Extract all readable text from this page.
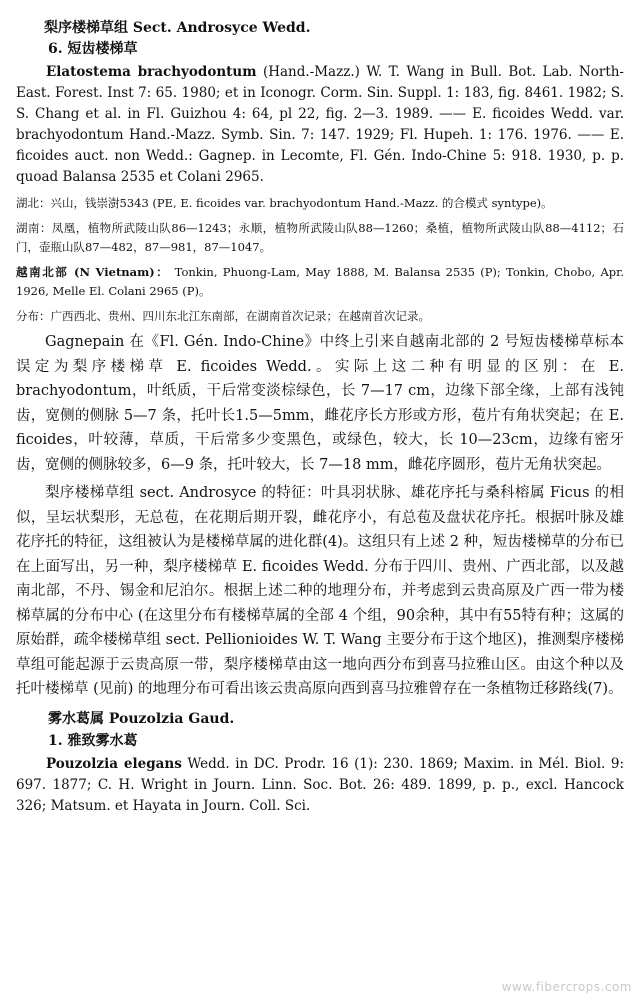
梨序楼梯草组 Sect. Androsyce Wedd.

6. 短齿楼梯草

Elatostema brachyodontum (Hand.-Mazz.) W. T. Wang in Bull. Bot. Lab. North-East. Forest. Inst 7: 65. 1980; et in Iconogr. Corm. Sin. Suppl. 1: 183, fig. 8461. 1982; S. S. Chang et al. in Fl. Guizhou 4: 64, pl 22, fig. 2—3. 1989. —— E. ficoides Wedd. var. brachyodontum Hand.-Mazz. Symb. Sin. 7: 147. 1929; Fl. Hupeh. 1: 176. 1976. —— E. ficoides auct. non Wedd.: Gagnep. in Lecomte, Fl. Gén. Indo-Chine 5: 918. 1930, p. p. quoad Balansa 2535 et Colani 2965.

湖北：兴山，钱崇澍5343 (PE, E. ficoides var. brachyodontum Hand.-Mazz. 的合模式 syntype)。

湖南：凤凰，植物所武陵山队86—1243；永顺，植物所武陵山队88—1260；桑植，植物所武陵山队88—4112；石门，壶瓶山队87—482，87—981，87—1047。

越南北部 (N Vietnam)： Tonkin, Phuong-Lam, May 1888, M. Balansa 2535 (P); Tonkin, Chobo, Apr. 1926, Melle El. Colani 2965 (P)。

分布：广西西北、贵州、四川东北江东南部，在湖南首次记录；在越南首次记录。

Gagnepain 在《Fl. Gén. Indo-Chine》中终上引来自越南北部的 2 号短齿楼梯草标本误定为梨序楼梯草 E. ficoides Wedd.。实际上这二种有明显的区别：在 E. brachyodontum，叶纸质，干后常变淡棕绿色，长 7—17 cm，边缘下部全缘，上部有浅钝齿，宽侧的侧脉 5—7 条，托叶长1.5—5mm，雌花序长方形或方形，苞片有角状突起；在 E. ficoides，叶较薄，草质，干后常多少变黑色，或绿色，较大，长 10—23cm，边缘有密牙齿，宽侧的侧脉较多，6—9 条，托叶较大，长 7—18 mm，雌花序圆形，苞片无角状突起。

梨序楼梯草组 sect. Androsyce 的特征：叶具羽状脉、雄花序托与桑科榕属 Ficus 的相似，呈坛状梨形，无总苞，在花期后期开裂，雌花序小，有总苞及盘状花序托。根据叶脉及雄花序托的特征，这组被认为是楼梯草属的进化群(4)。这组只有上述 2 种，短齿楼梯草的分布已在上面写出，另一种，梨序楼梯草 E. ficoides Wedd. 分布于四川、贵州、广西北部，以及越南北部，不丹、锡金和尼泊尔。根据上述二种的地理分布，并考虑到云贵高原及广西一带为楼梯草属的分布中心 (在这里分布有楼梯草属的全部 4 个组，90余种，其中有55特有种；这属的原始群，疏伞楼梯草组 sect. Pellionioides W. T. Wang 主要分布于这个地区)，推测梨序楼梯草组可能起源于云贵高原一带，梨序楼梯草由这一地向西分布到喜马拉雅山区。由这个种以及托叶楼梯草 (见前) 的地理分布可看出该云贵高原向西到喜马拉雅曾存在一条植物迁移路线(7)。

雾水葛属 Pouzolzia Gaud.

1. 雅致雾水葛

Pouzolzia elegans Wedd. in DC. Prodr. 16 (1): 230. 1869; Maxim. in Mél. Biol. 9: 697. 1877; C. H. Wright in Journ. Linn. Soc. Bot. 26: 489. 1899, p. p., excl. Hancock 326; Matsum. et Hayata in Journ. Coll. Sci.

www.fibercrops.com
